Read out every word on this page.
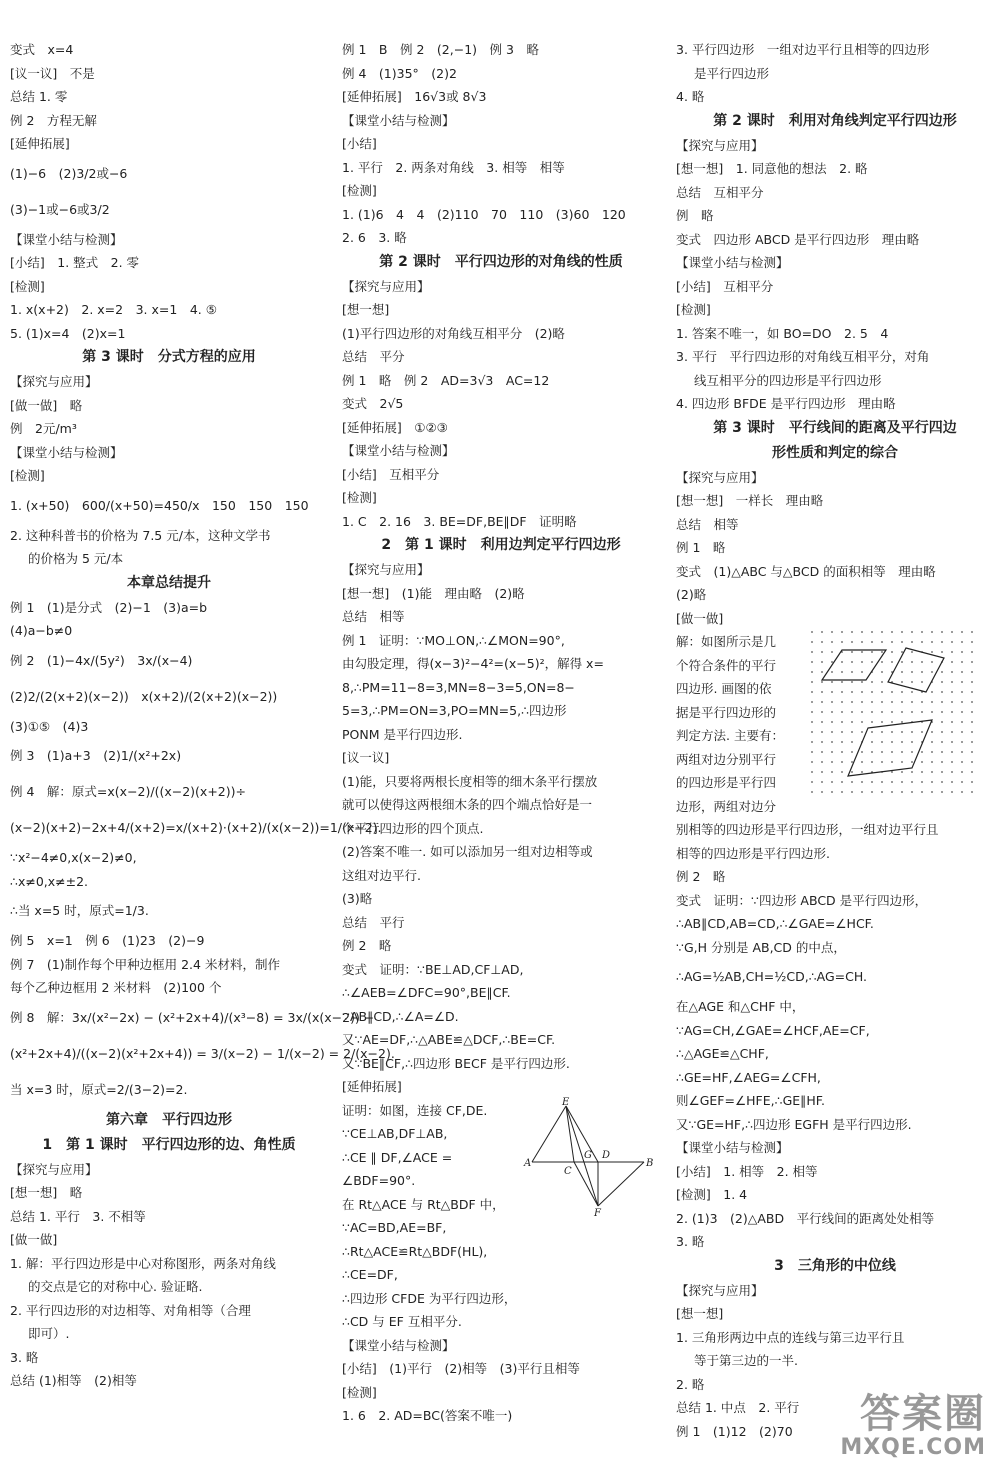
变式　x=4
[议一议]　不是
总结 1. 零
例 2　方程无解
[延伸拓展]
(1)−6　(2)3/2或−6
(3)−1或−6或3/2
【课堂小结与检测】
[小结]　1. 整式　2. 零
[检测]
1. x(x+2)　2. x=2　3. x=1　4. ⑤
5. (1)x=4　(2)x=1
第 3 课时　分式方程的应用
【探究与应用】
[做一做]　略
例　2元/m³
【课堂小结与检测】
[检测]
1. (x+50)　600/(x+50)=450/x　150　150　150
2. 这种科普书的价格为 7.5 元/本，这种文学书
的价格为 5 元/本
本章总结提升
例 1　(1)是分式　(2)−1　(3)a=b
(4)a−b≠0
例 2　(1)−4x/(5y²)　3x/(x−4)
(2)2/(2(x+2)(x−2))　x(x+2)/(2(x+2)(x−2))
(3)①⑤　(4)3
例 3　(1)a+3　(2)1/(x²+2x)
例 4　解：原式=x(x−2)/((x−2)(x+2))÷
(x−2)(x+2)−2x+4/(x+2)=x/(x+2)·(x+2)/(x(x−2))=1/(x−2).
∵x²−4≠0,x(x−2)≠0,
∴x≠0,x≠±2.
∴当 x=5 时，原式=1/3.
例 5　x=1　例 6　(1)23　(2)−9
例 7　(1)制作每个甲种边框用 2.4 米材料，制作
每个乙种边框用 2 米材料　(2)100 个
例 8　解：3x/(x²−2x) − (x²+2x+4)/(x³−8) = 3x/(x(x−2)) −
(x²+2x+4)/((x−2)(x²+2x+4)) = 3/(x−2) − 1/(x−2) = 2/(x−2).
当 x=3 时，原式=2/(3−2)=2.
第六章　平行四边形
1　第 1 课时　平行四边形的边、角性质
【探究与应用】
[想一想]　略
总结 1. 平行　3. 不相等
[做一做]
1. 解：平行四边形是中心对称图形，两条对角线
的交点是它的对称中心. 验证略.
2. 平行四边形的对边相等、对角相等（合理
即可）.
3. 略
总结 (1)相等　(2)相等
例 1　B　例 2　(2,−1)　例 3　略
例 4　(1)35°　(2)2
[延伸拓展]　16√3或 8√3
【课堂小结与检测】
[小结]
1. 平行　2. 两条对角线　3. 相等　相等
[检测]
1. (1)6　4　4　(2)110　70　110　(3)60　120
2. 6　3. 略
第 2 课时　平行四边形的对角线的性质
【探究与应用】
[想一想]
(1)平行四边形的对角线互相平分　(2)略
总结　平分
例 1　略　例 2　AD=3√3　AC=12
变式　2√5
[延伸拓展]　①②③
【课堂小结与检测】
[小结]　互相平分
[检测]
1. C　2. 16　3. BE=DF,BE∥DF　证明略
2　第 1 课时　利用边判定平行四边形
【探究与应用】
[想一想]　(1)能　理由略　(2)略
总结　相等
例 1　证明：∵MO⊥ON,∴∠MON=90°,
由勾股定理，得(x−3)²−4²=(x−5)²，解得 x=
8,∴PM=11−8=3,MN=8−3=5,ON=8−
5=3,∴PM=ON=3,PO=MN=5,∴四边形
PONM 是平行四边形.
[议一议]
(1)能，只要将两根长度相等的细木条平行摆放
就可以使得这两根细木条的四个端点恰好是一
个平行四边形的四个顶点.
(2)答案不唯一. 如可以添加另一组对边相等或
这组对边平行.
(3)略
总结　平行
例 2　略
变式　证明：∵BE⊥AD,CF⊥AD,
∴∠AEB=∠DFC=90°,BE∥CF.
∵AB∥CD,∴∠A=∠D.
又∵AE=DF,∴△ABE≌△DCF,∴BE=CF.
又∵BE∥CF,∴四边形 BECF 是平行四边形.
[延伸拓展]
证明：如图，连接 CF,DE.
∵CE⊥AB,DF⊥AB,
∴CE ∥ DF,∠ACE =
∠BDF=90°.
在 Rt△ACE 与 Rt△BDF 中，
∵AC=BD,AE=BF,
∴Rt△ACE≌Rt△BDF(HL),
∴CE=DF,
∴四边形 CFDE 为平行四边形，
∴CD 与 EF 互相平分.
【课堂小结与检测】
[小结]　(1)平行　(2)相等　(3)平行且相等
[检测]
1. 6　2. AD=BC(答案不唯一)
3. 平行四边形　一组对边平行且相等的四边形
是平行四边形
4. 略
第 2 课时　利用对角线判定平行四边形
【探究与应用】
[想一想]　1. 同意他的想法　2. 略
总结　互相平分
例　略
变式　四边形 ABCD 是平行四边形　理由略
【课堂小结与检测】
[小结]　互相平分
[检测]
1. 答案不唯一，如 BO=DO　2. 5　4
3. 平行　平行四边形的对角线互相平分，对角
线互相平分的四边形是平行四边形
4. 四边形 BFDE 是平行四边形　理由略
第 3 课时　平行线间的距离及平行四边
形性质和判定的综合
【探究与应用】
[想一想]　一样长　理由略
总结　相等
例 1　略
变式　(1)△ABC 与△BCD 的面积相等　理由略
(2)略
[做一做]
解：如图所示是几
个符合条件的平行
四边形. 画图的依
据是平行四边形的
判定方法. 主要有：
两组对边分别平行
的四边形是平行四
边形，两组对边分
别相等的四边形是平行四边形，一组对边平行且
相等的四边形是平行四边形.
例 2　略
变式　证明：∵四边形 ABCD 是平行四边形，
∴AB∥CD,AB=CD,∴∠GAE=∠HCF.
∵G,H 分别是 AB,CD 的中点，
∴AG=½AB,CH=½CD,∴AG=CH.
在△AGE 和△CHF 中，
∵AG=CH,∠GAE=∠HCF,AE=CF,
∴△AGE≌△CHF,
∴GE=HF,∠AEG=∠CFH,
则∠GEF=∠HFE,∴GE∥HF.
又∵GE=HF,∴四边形 EGFH 是平行四边形.
【课堂小结与检测】
[小结]　1. 相等　2. 相等
[检测]　1. 4
2. (1)3　(2)△ABD　平行线间的距离处处相等
3. 略
3　三角形的中位线
【探究与应用】
[想一想]
1. 三角形两边中点的连线与第三边平行且
等于第三边的一半.
2. 略
总结 1. 中点　2. 平行
例 1　(1)12　(2)70
E
A
C
G D
B
F
答案圈
MXQE.COM
